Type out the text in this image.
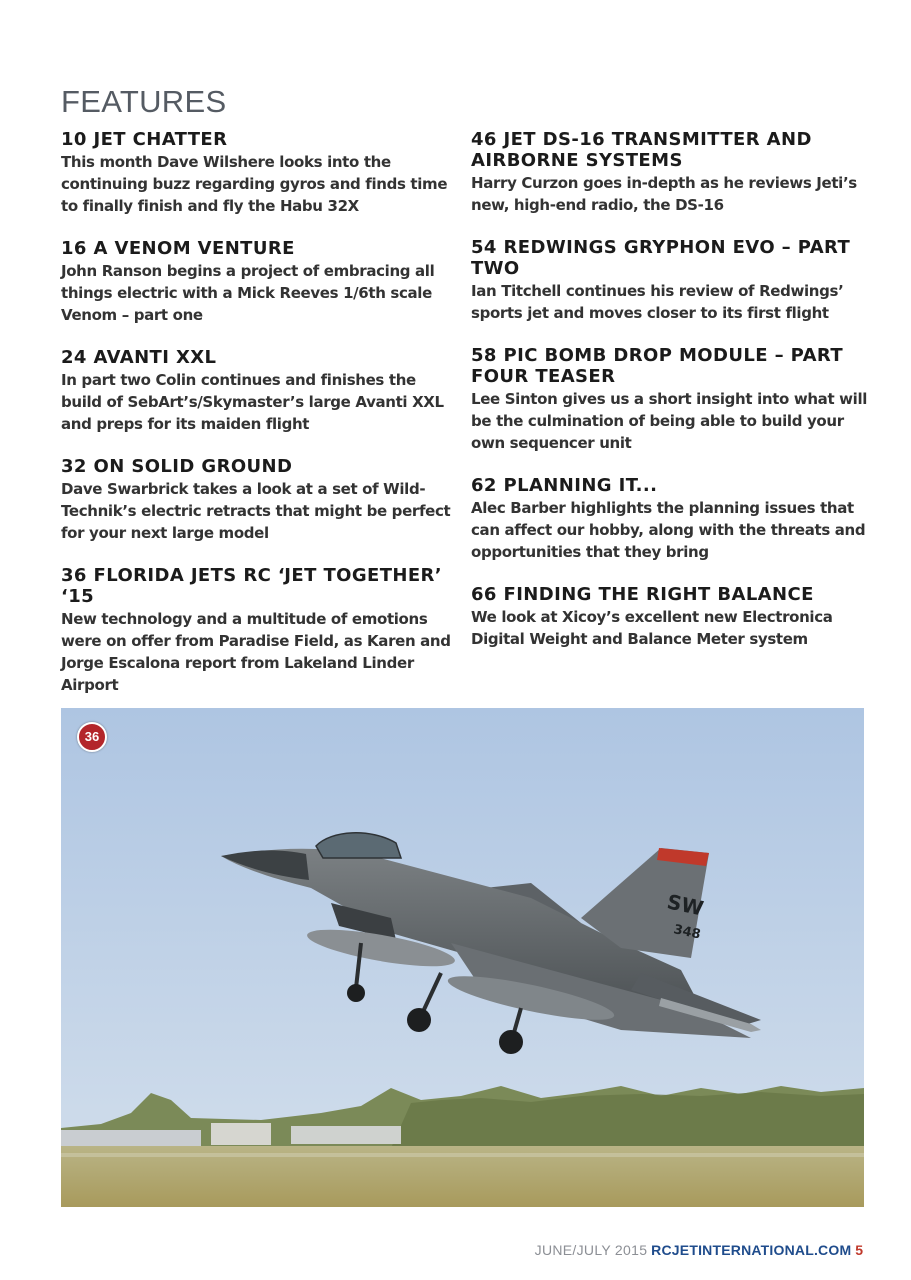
FEATURES
10 JET CHATTER

This month Dave Wilshere looks into the continuing buzz regarding gyros and finds time to finally finish and fly the Habu 32X

16 A VENOM VENTURE

John Ranson begins a project of embracing all things electric with a Mick Reeves 1/6th scale Venom – part one

24 AVANTI XXL

In part two Colin continues and finishes the build of SebArt’s/Skymaster’s large Avanti XXL and preps for its maiden flight

32 ON SOLID GROUND

Dave Swarbrick takes a look at a set of Wild-Technik’s electric retracts that might be perfect for your next large model

36 FLORIDA JETS RC ‘JET TOGETHER’ ‘15

New technology and a multitude of emotions were on offer from Paradise Field, as Karen and Jorge Escalona report from Lakeland Linder Airport

46 JET DS-16 TRANSMITTER AND AIRBORNE SYSTEMS

Harry Curzon goes in-depth as he reviews Jeti’s new, high-end radio, the DS-16

54 REDWINGS GRYPHON EVO – PART TWO

Ian Titchell continues his review of Redwings’ sports jet and moves closer to its first flight

58 PIC BOMB DROP MODULE – PART FOUR TEASER

Lee Sinton gives us a short insight into what will be the culmination of being able to build your own sequencer unit

62 PLANNING IT...

Alec Barber highlights the planning issues that can affect our hobby, along with the threats and opportunities that they bring

66 FINDING THE RIGHT BALANCE

We look at Xicoy’s excellent new Electronica Digital Weight and Balance Meter system

SW
348
36
JUNE/JULY 2015 RCJETINTERNATIONAL.COM 5
